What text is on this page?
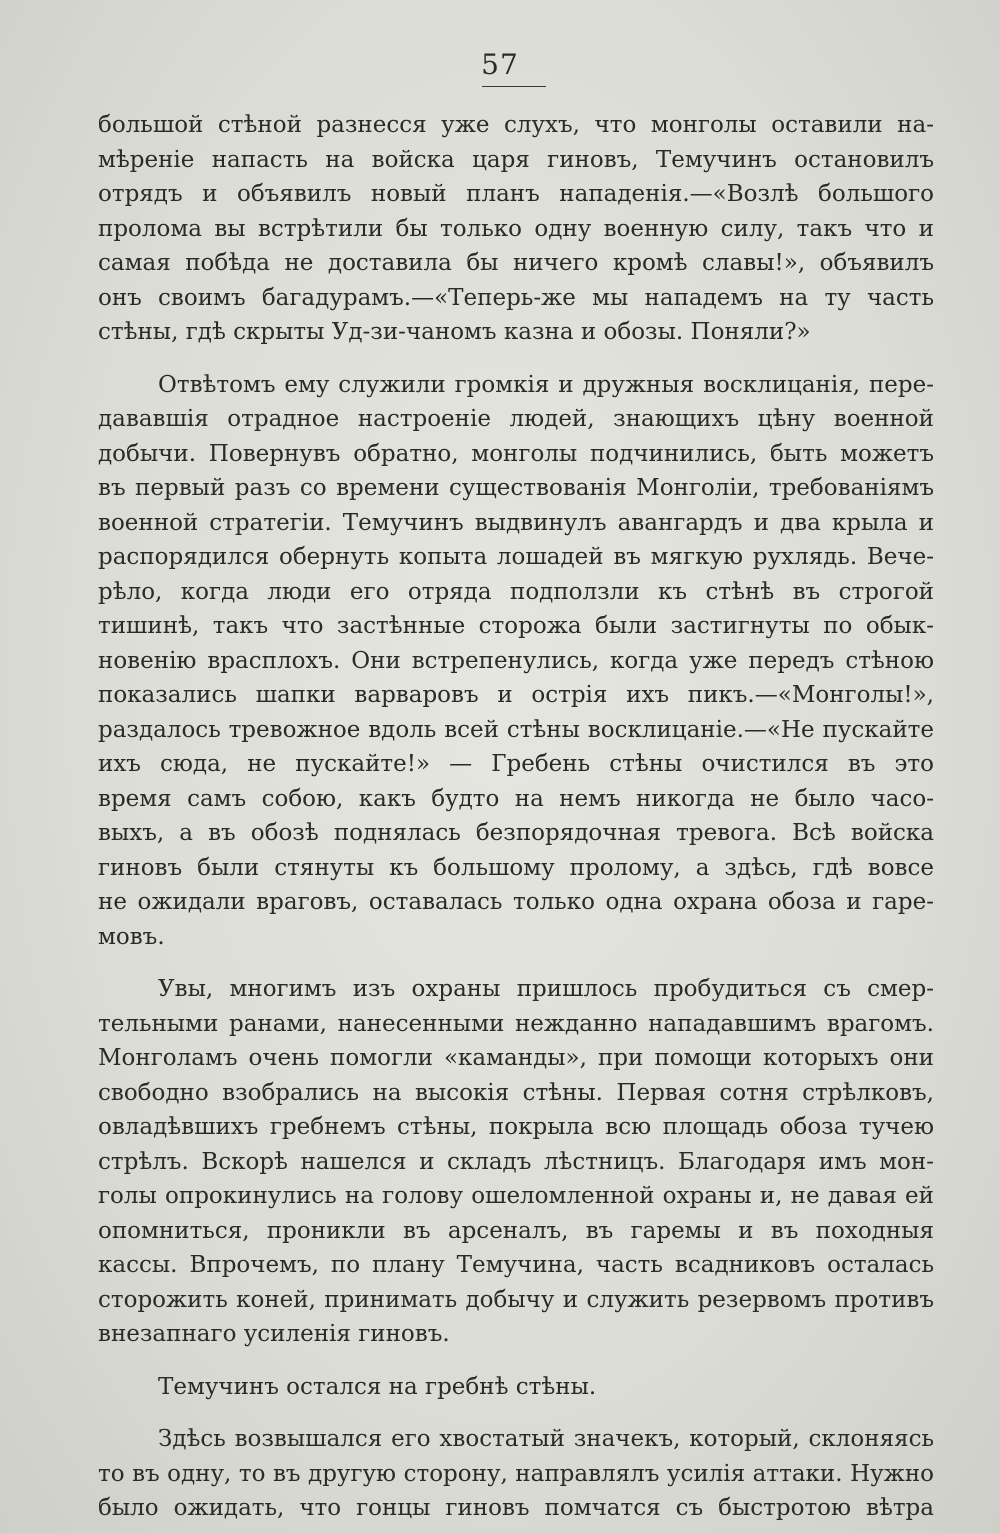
57
большой стѣной разнесся уже слухъ, что монголы оставили на-
мѣреніе напасть на войска царя гиновъ, Темучинъ остановилъ
отрядъ и объявилъ новый планъ нападенія.—«Возлѣ большого
пролома вы встрѣтили бы только одну военную силу, такъ что и
самая побѣда не доставила бы ничего кромѣ славы!», объявилъ
онъ своимъ багадурамъ.—«Теперь-же мы нападемъ на ту часть
стѣны, гдѣ скрыты Уд-зи-чаномъ казна и обозы. Поняли?»
Отвѣтомъ ему служили громкія и дружныя восклицанія, пере-
дававшія отрадное настроеніе людей, знающихъ цѣну военной
добычи. Повернувъ обратно, монголы подчинились, быть можетъ
въ первый разъ со времени существованія Монголіи, требованіямъ
военной стратегіи. Темучинъ выдвинулъ авангардъ и два крыла и
распорядился обернуть копыта лошадей въ мягкую рухлядь. Вече-
рѣло, когда люди его отряда подползли къ стѣнѣ въ строгой
тишинѣ, такъ что застѣнные сторожа были застигнуты по обык-
новенію врасплохъ. Они встрепенулись, когда уже передъ стѣною
показались шапки варваровъ и острія ихъ пикъ.—«Монголы!»,
раздалось тревожное вдоль всей стѣны восклицаніе.—«Не пускайте
ихъ сюда, не пускайте!» — Гребень стѣны очистился въ это
время самъ собою, какъ будто на немъ никогда не было часо-
выхъ, а въ обозѣ поднялась безпорядочная тревога. Всѣ войска
гиновъ были стянуты къ большому пролому, а здѣсь, гдѣ вовсе
не ожидали враговъ, оставалась только одна охрана обоза и гаре-
мовъ.
Увы, многимъ изъ охраны пришлось пробудиться съ смер-
тельными ранами, нанесенными нежданно нападавшимъ врагомъ.
Монголамъ очень помогли «каманды», при помощи которыхъ они
свободно взобрались на высокія стѣны. Первая сотня стрѣлковъ,
овладѣвшихъ гребнемъ стѣны, покрыла всю площадь обоза тучею
стрѣлъ. Вскорѣ нашелся и складъ лѣстницъ. Благодаря имъ мон-
голы опрокинулись на голову ошеломленной охраны и, не давая ей
опомниться, проникли въ арсеналъ, въ гаремы и въ походныя
кассы. Впрочемъ, по плану Темучина, часть всадниковъ осталась
сторожить коней, принимать добычу и служить резервомъ противъ
внезапнаго усиленія гиновъ.
Темучинъ остался на гребнѣ стѣны.
Здѣсь возвышался его хвостатый значекъ, который, склоняясь
то въ одну, то въ другую сторону, направлялъ усилія аттаки. Нужно
было ожидать, что гонцы гиновъ помчатся съ быстротою вѣтра
